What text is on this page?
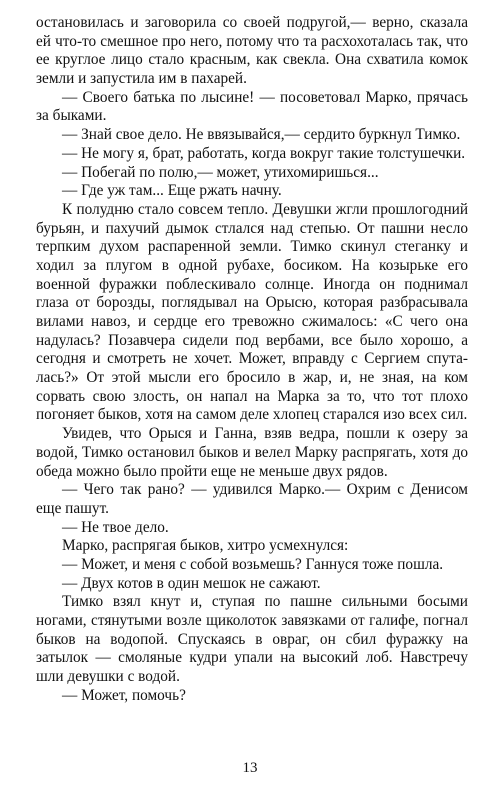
остановилась и заговорила со своей подругой,— верно, сказала ей что-то смешное про него, потому что та расхохоталась так, что ее круглое лицо стало красным, как свекла. Она схватила комок земли и запустила им в пахарей.

— Своего батька по лысине! — посоветовал Марко, прячась за быками.

— Знай свое дело. Не ввязывайся,— сердито буркнул Тимко.

— Не могу я, брат, работать, когда вокруг такие толстушечки.

— Побегай по полю,— может, утихомиришься...

— Где уж там... Еще ржать начну.

К полудню стало совсем тепло. Девушки жгли прошлогодний бурьян, и пахучий дымок стлался над степью. От пашни несло терпким духом распаренной земли. Тимко скинул стеганку и ходил за плугом в одной рубахе, босиком. На козырьке его военной фуражки поблескивало солнце. Иногда он поднимал глаза от борозды, поглядывал на Орысю, которая разбрасывала вилами навоз, и сердце его тревожно сжималось: «С чего она надулась? Позавчера сидели под вербами, все было хорошо, а сегодня и смотреть не хочет. Может, вправду с Сергием спуталась?» От этой мысли его бросило в жар, и, не зная, на ком сорвать свою злость, он напал на Марка за то, что тот плохо погоняет быков, хотя на самом деле хлопец старался изо всех сил.

Увидев, что Орыся и Ганна, взяв ведра, пошли к озеру за водой, Тимко остановил быков и велел Марку распрягать, хотя до обеда можно было пройти еще не меньше двух рядов.

— Чего так рано? — удивился Марко.— Охрим с Денисом еще пашут.

— Не твое дело.

Марко, распрягая быков, хитро усмехнулся:

— Может, и меня с собой возьмешь? Ганнуся тоже пошла.

— Двух котов в один мешок не сажают.

Тимко взял кнут и, ступая по пашне сильными босыми ногами, стянутыми возле щиколоток завязками от галифе, погнал быков на водопой. Спускаясь в овраг, он сбил фуражку на затылок — смоляные кудри упали на высокий лоб. Навстречу шли девушки с водой.

— Может, помочь?

13
